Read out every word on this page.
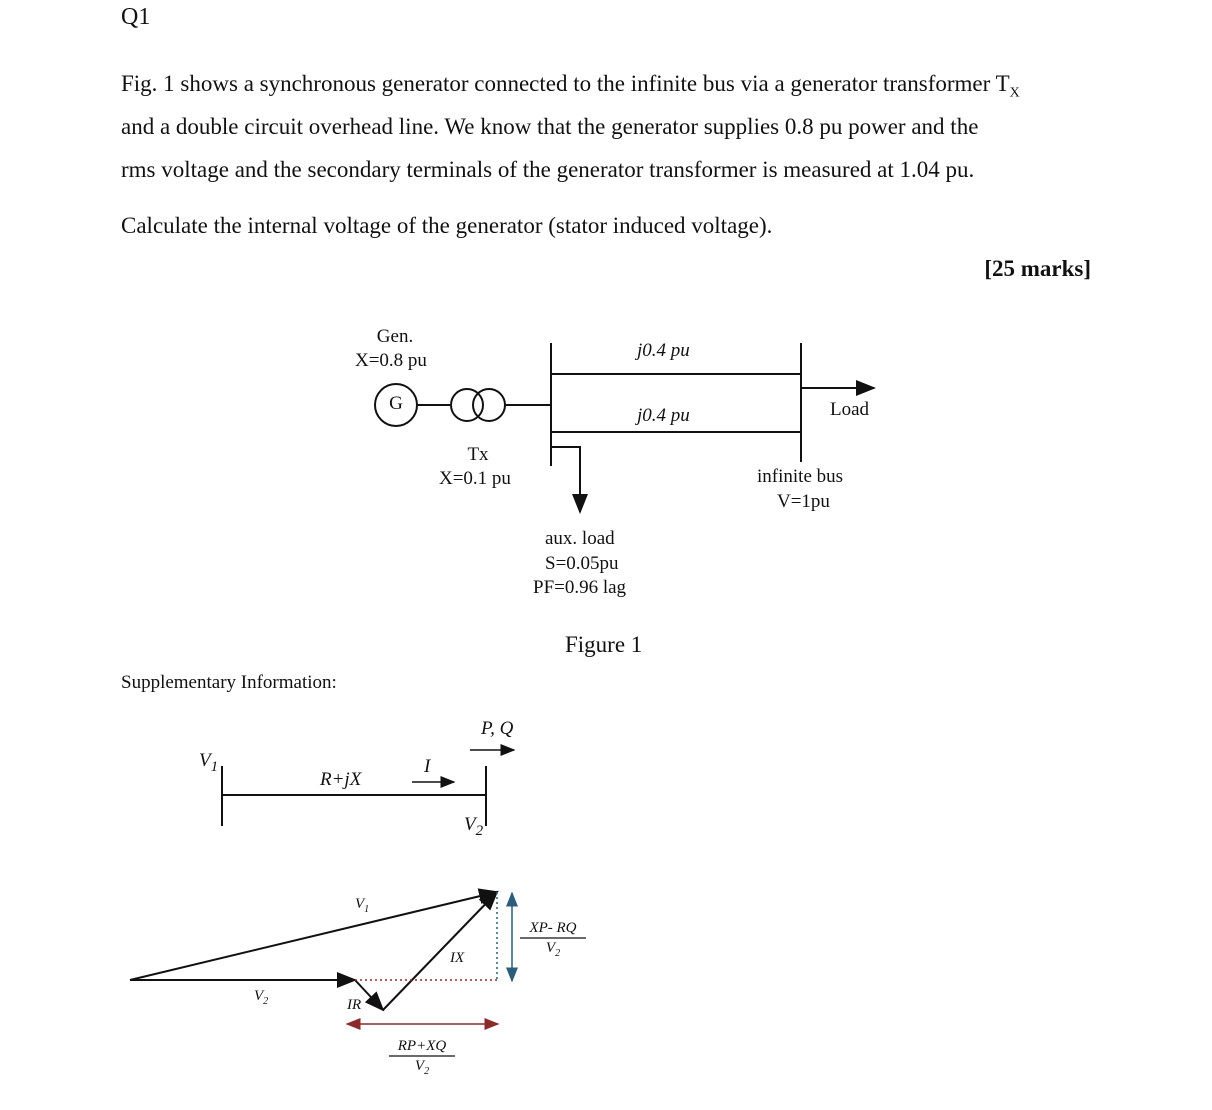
Q1
Fig. 1 shows a synchronous generator connected to the infinite bus via a generator transformer $T_X$
and a double circuit overhead line. We know that the generator supplies 0.8 pu power and the
rms voltage and the secondary terminals of the generator transformer is measured at 1.04 pu.
Calculate the internal voltage of the generator (stator induced voltage).
[25 marks]
Gen.
X=0.8 pu
G
j0.4 pu
j0.4 pu	Load
Tx
X=0.1 pu	infinite bus
V=1pu
aux. load
S=0.05pu
PF=0.96 lag
Figure 1
Supplementary Information:
$V_1$
R+jX
I
P, Q
$V_2$
$V_1$
$V_2$
IX
IR
XP- RQ
$V_2$
RP+XQ
$V_2$
